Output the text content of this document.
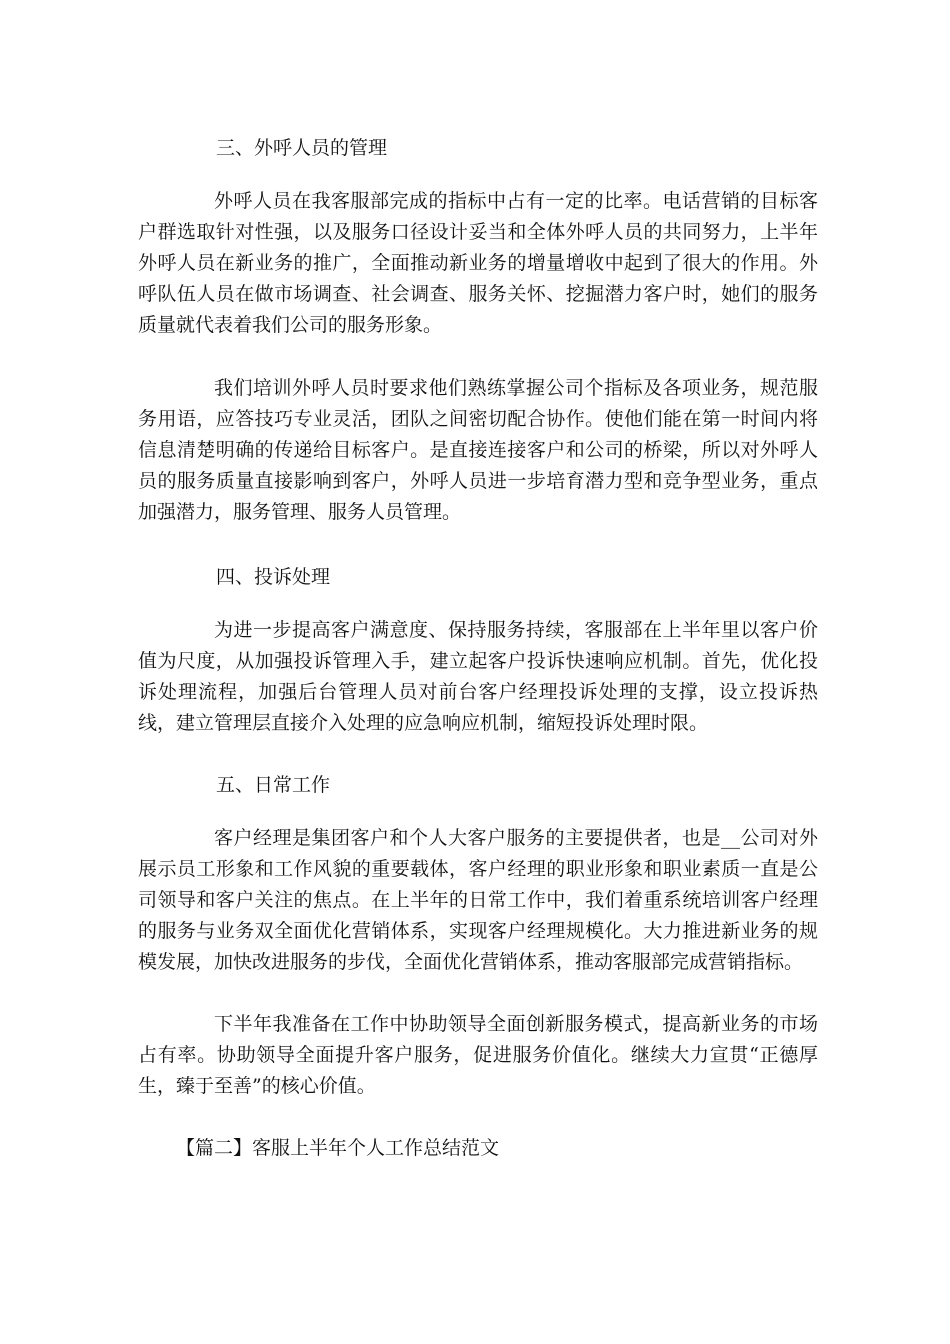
三、外呼人员的管理

外呼人员在我客服部完成的指标中占有一定的比率。电话营销的目标客户群选取针对性强，以及服务口径设计妥当和全体外呼人员的共同努力，上半年外呼人员在新业务的推广，全面推动新业务的增量增收中起到了很大的作用。外呼队伍人员在做市场调查、社会调查、服务关怀、挖掘潜力客户时，她们的服务质量就代表着我们公司的服务形象。

我们培训外呼人员时要求他们熟练掌握公司个指标及各项业务，规范服务用语，应答技巧专业灵活，团队之间密切配合协作。使他们能在第一时间内将信息清楚明确的传递给目标客户。是直接连接客户和公司的桥梁，所以对外呼人员的服务质量直接影响到客户，外呼人员进一步培育潜力型和竞争型业务，重点加强潜力，服务管理、服务人员管理。

四、投诉处理

为进一步提高客户满意度、保持服务持续，客服部在上半年里以客户价值为尺度，从加强投诉管理入手，建立起客户投诉快速响应机制。首先，优化投诉处理流程，加强后台管理人员对前台客户经理投诉处理的支撑，设立投诉热线，建立管理层直接介入处理的应急响应机制，缩短投诉处理时限。

五、日常工作

客户经理是集团客户和个人大客户服务的主要提供者，也是__公司对外展示员工形象和工作风貌的重要载体，客户经理的职业形象和职业素质一直是公司领导和客户关注的焦点。在上半年的日常工作中，我们着重系统培训客户经理的服务与业务双全面优化营销体系，实现客户经理规模化。大力推进新业务的规模发展，加快改进服务的步伐，全面优化营销体系，推动客服部完成营销指标。

下半年我准备在工作中协助领导全面创新服务模式，提高新业务的市场占有率。协助领导全面提升客户服务，促进服务价值化。继续大力宣贯“正德厚生，臻于至善”的核心价值。

【篇二】客服上半年个人工作总结范文
